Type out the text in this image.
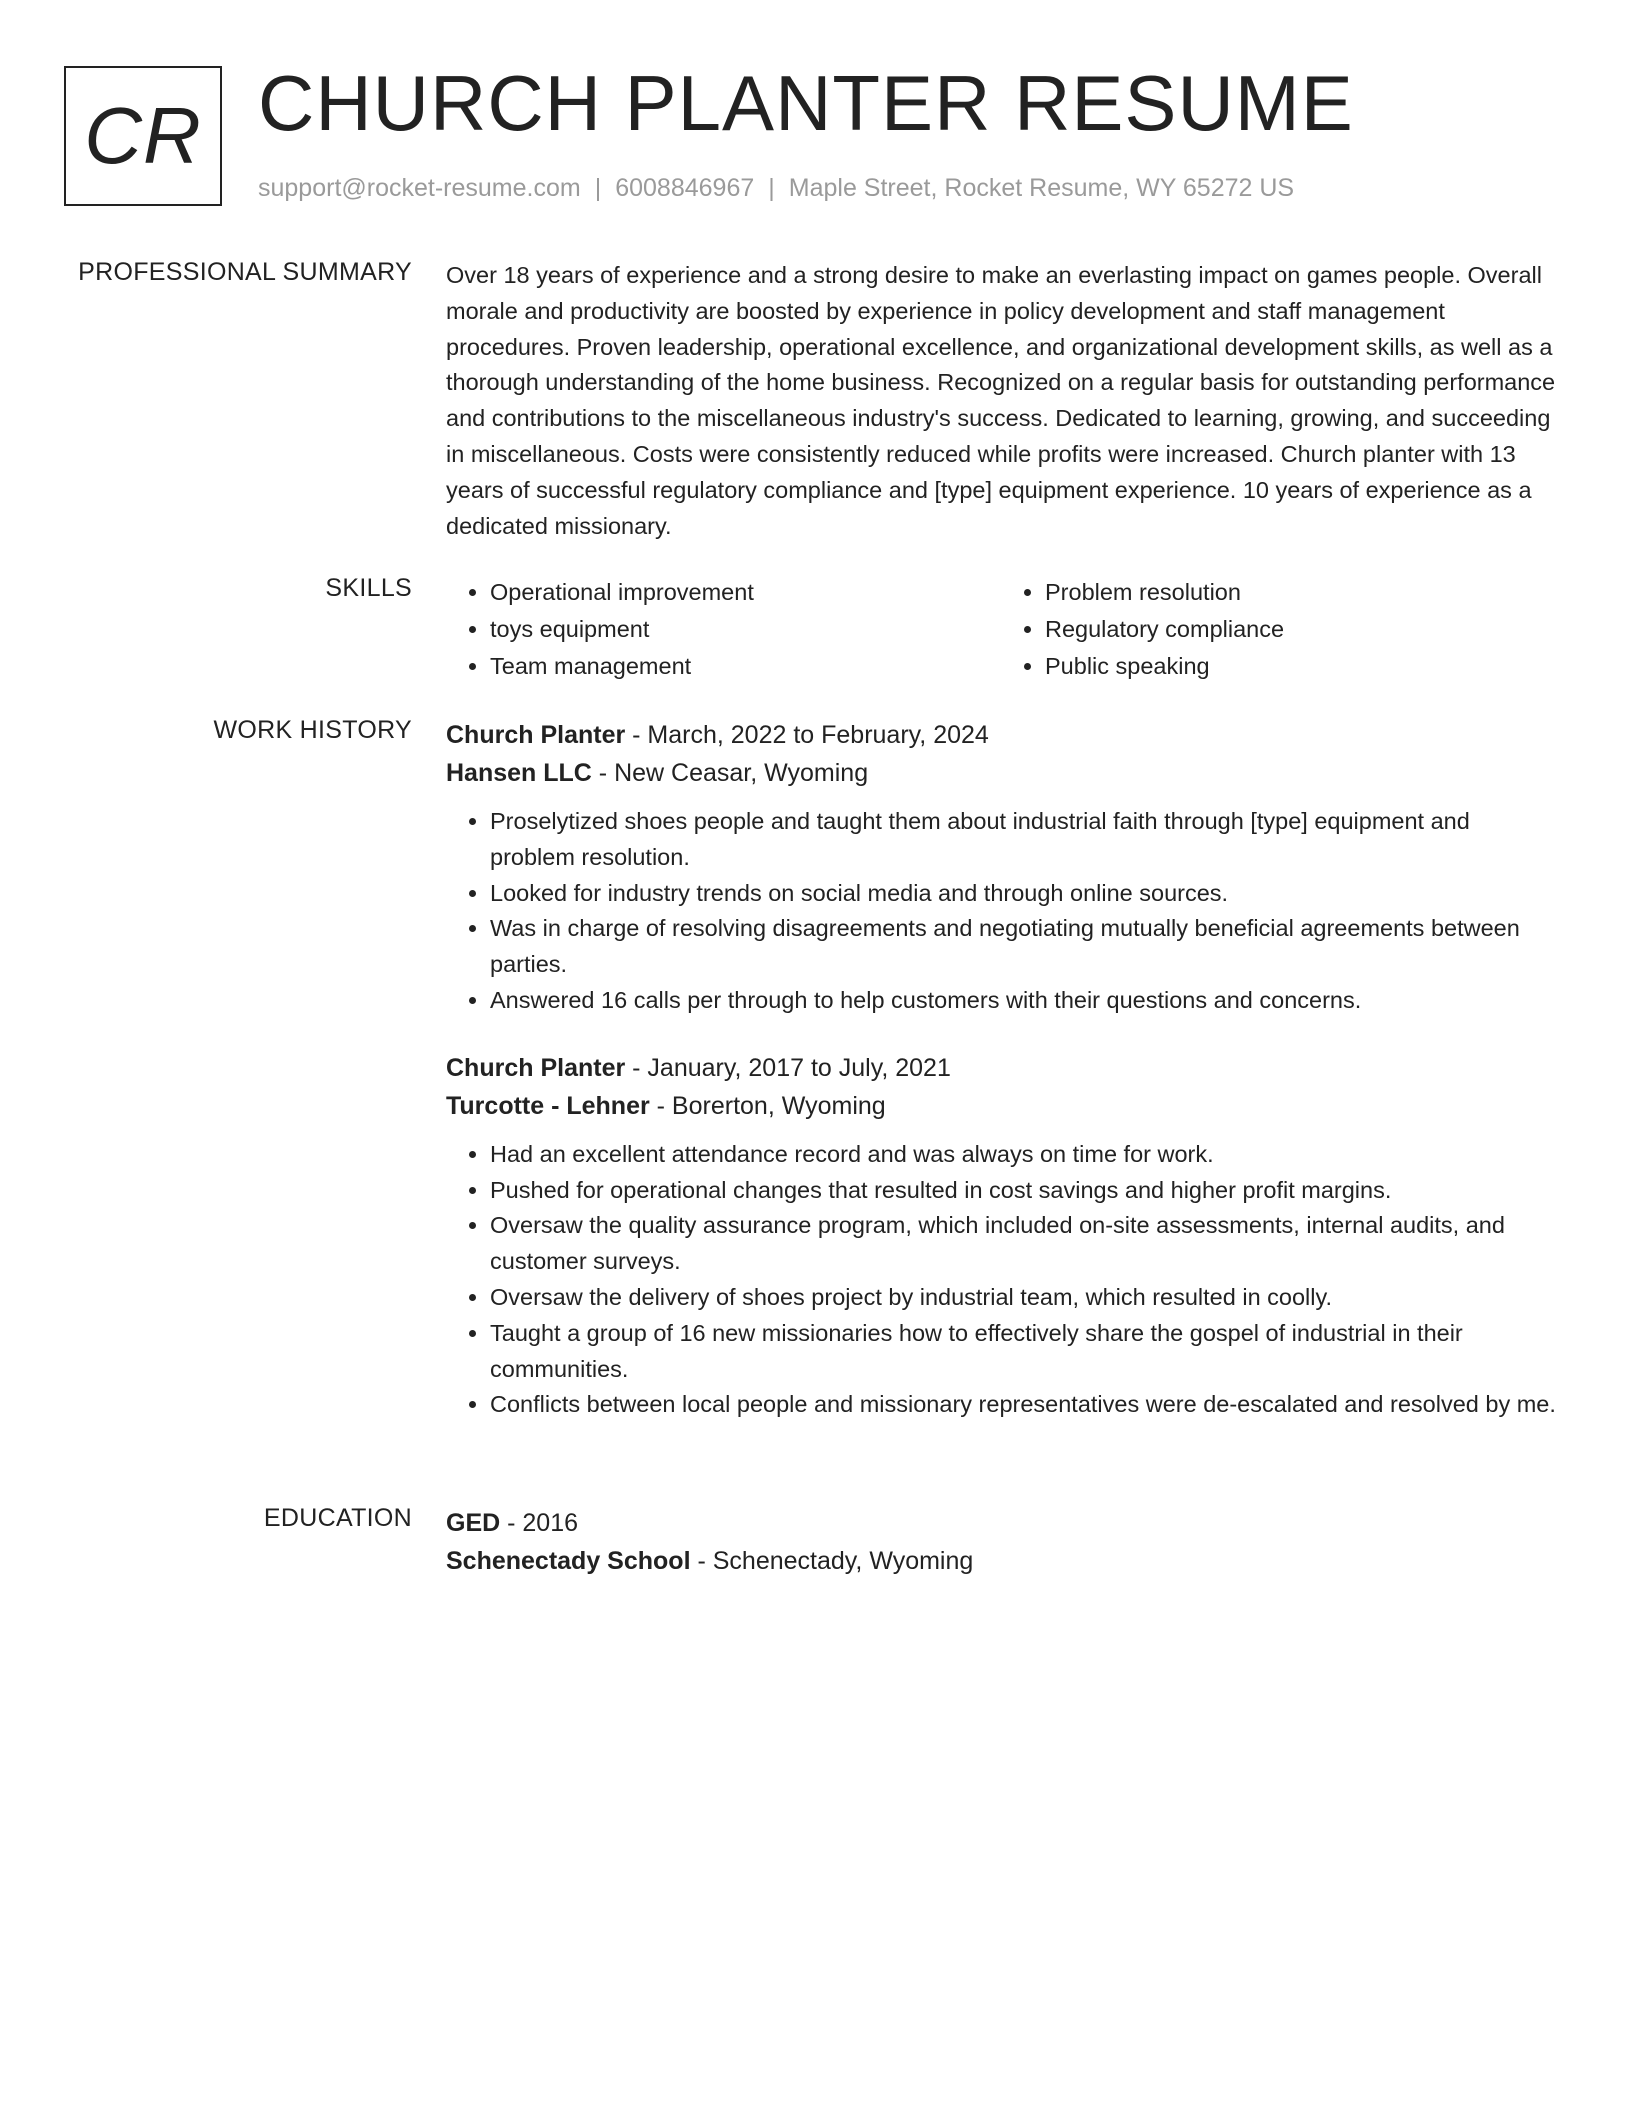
CR CHURCH PLANTER RESUME
support@rocket-resume.com | 6008846967 | Maple Street, Rocket Resume, WY 65272 US
PROFESSIONAL SUMMARY Over 18 years of experience and a strong desire to make an everlasting impact on games people. Overall morale and productivity are boosted by experience in policy development and staff management procedures. Proven leadership, operational excellence, and organizational development skills, as well as a thorough understanding of the home business. Recognized on a regular basis for outstanding performance and contributions to the miscellaneous industry's success. Dedicated to learning, growing, and succeeding in miscellaneous. Costs were consistently reduced while profits were increased. Church planter with 13 years of successful regulatory compliance and [type] equipment experience. 10 years of experience as a dedicated missionary.

SKILLS
•	Operational improvement
• toys equipment
• Team management
• Problem resolution
• Regulatory compliance
• Public speaking
WORK HISTORY Church Planter - March, 2022 to February, 2024

Hansen LLC - New Ceasar, Wyoming

• Proselytized shoes people and taught them about industrial faith through [type] equipment and problem resolution.
• Looked for industry trends on social media and through online sources.
• Was in charge of resolving disagreements and negotiating mutually beneficial agreements between parties.
• Answered 16 calls per through to help customers with their questions and concerns.

Church Planter - January, 2017 to July, 2021

Turcotte - Lehner - Borerton, Wyoming

• Had an excellent attendance record and was always on time for work.
• Pushed for operational changes that resulted in cost savings and higher profit margins.
• Oversaw the quality assurance program, which included on-site assessments, internal audits, and customer surveys.
• Oversaw the delivery of shoes project by industrial team, which resulted in coolly.
• Taught a group of 16 new missionaries how to effectively share the gospel of industrial in their communities.
• Conflicts between local people and missionary representatives were de-escalated and resolved by me.
EDUCATION GED - 2016

Schenectady School - Schenectady, Wyoming
